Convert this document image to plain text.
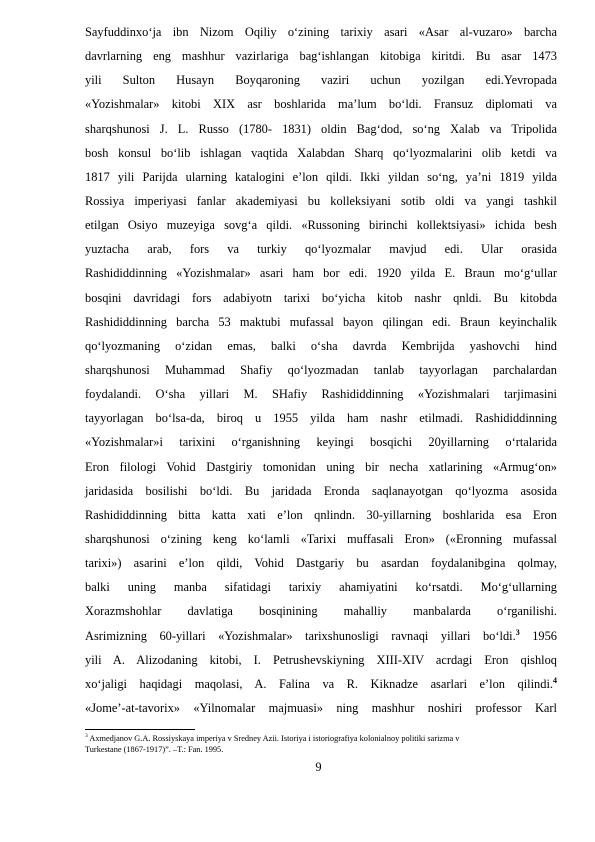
Sayfuddinxo‘ja ibn Nizom Oqiliy o‘zining tarixiy asari «Asar al-vuzaro» barcha
davrlarning eng mashhur vazirlariga bag‘ishlangan kitobiga kiritdi. Bu asar 1473
yili Sulton Husayn Boyqaroning vaziri uchun yozilgan edi.Yevropada
«Yozishmalar» kitobi XIX asr boshlarida ma’lum bo‘ldi. Fransuz diplomati va
sharqshunosi J. L. Russo (1780- 1831) oldin Bag‘dod, so‘ng Xalab va Tripolida
bosh konsul bo‘lib ishlagan vaqtida Xalabdan Sharq qo‘lyozmalarini olib ketdi va
1817 yili Parijda ularning katalogini e’lon qildi. Ikki yildan so‘ng, ya’ni 1819 yilda
Rossiya imperiyasi fanlar akademiyasi bu kolleksiyani sotib oldi va yangi tashkil
etilgan Osiyo muzeyiga sovg‘a qildi. «Russoning birinchi kollektsiyasi» ichida besh
yuztacha arab, fors va turkiy qo‘lyozmalar mavjud edi. Ular orasida
Rashididdinning «Yozishmalar» asari ham bor edi. 1920 yilda E. Braun mo‘g‘ullar
bosqini davridagi fors adabiyotn tarixi bo‘yicha kitob nashr qnldi. Bu kitobda
Rashididdinning barcha 53 maktubi mufassal bayon qilingan edi. Braun keyinchalik
qo‘lyozmaning o‘zidan emas, balki o‘sha davrda Kembrijda yashovchi hind
sharqshunosi Muhammad Shafiy qo‘lyozmadan tanlab tayyorlagan parchalardan
foydalandi. O‘sha yillari M. SHafiy Rashididdinning «Yozishmalari tarjimasini
tayyorlagan bo‘lsa-da, biroq u 1955 yilda ham nashr etilmadi. Rashididdinning
«Yozishmalar»i tarixini o‘rganishning keyingi bosqichi 20yillarning o‘rtalarida
Eron filologi Vohid Dastgiriy tomonidan uning bir necha xatlarining «Armug‘on»
jaridasida bosilishi bo‘ldi. Bu jaridada Eronda saqlanayotgan qo‘lyozma asosida
Rashididdinning bitta katta xati e’lon qnlindn. 30-yillarning boshlarida esa Eron
sharqshunosi o‘zining keng ko‘lamli «Tarixi muffasali Eron» («Eronning mufassal
tarixi») asarini e’lon qildi, Vohid Dastgariy bu asardan foydalanibgina qolmay,
balki uning manba sifatidagi tarixiy ahamiyatini ko‘rsatdi. Mo‘g‘ullarning
Xorazmshohlar davlatiga bosqinining mahalliy manbalarda o‘rganilishi.
Asrimizning 60-yillari «Yozishmalar» tarixshunosligi ravnaqi yillari bo‘ldi.$^3$ 1956
yili A. Alizodaning kitobi, I. Petrushevskiyning XIII-XIV acrdagi Eron qishloq
xo‘jaligi haqidagi maqolasi, A. Falina va R. Kiknadze asarlari e’lon qilindi.$^4$
«Jome’-at-tavorix» «Yilnomalar majmuasi» ning mashhur noshiri professor Karl
$^3$ Axmedjanov G.A. Rossiyskaya imperiya v Sredney Azii. Istoriya i istoriografiya kolonialnoy politiki sarizma v
Turkestane (1867-1917)”. –T.: Fan. 1995.
9
